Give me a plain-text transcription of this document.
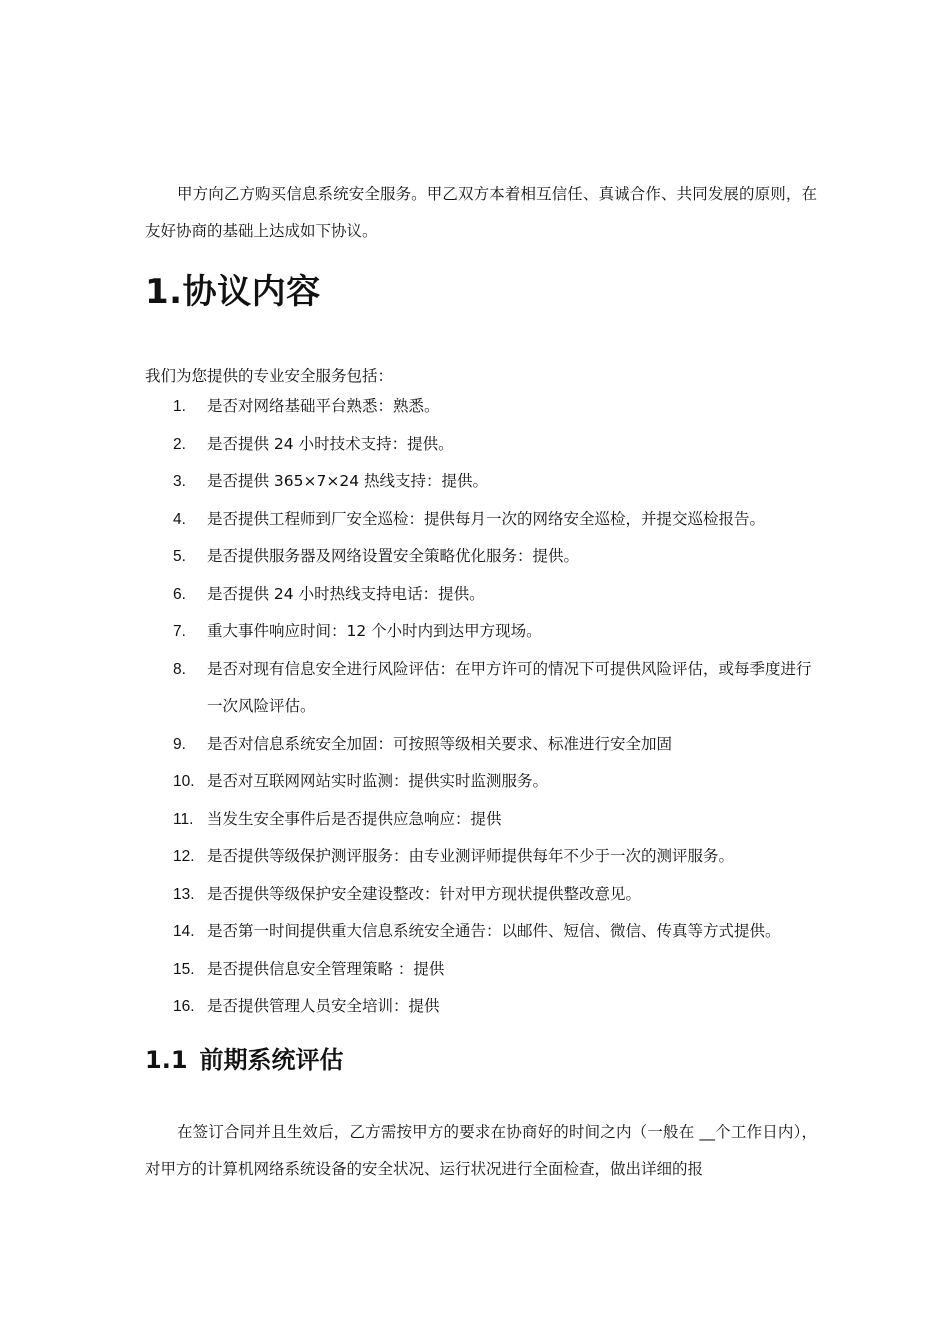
甲方向乙方购买信息系统安全服务。甲乙双方本着相互信任、真诚合作、共同发展的原则，在友好协商的基础上达成如下协议。

1.协议内容

我们为您提供的专业安全服务包括：

1.	是否对网络基础平台熟悉：熟悉。
2.	是否提供 24 小时技术支持：提供。
3.	是否提供 365×7×24 热线支持：提供。
4.	是否提供工程师到厂安全巡检：提供每月一次的网络安全巡检，并提交巡检报告。
5.	是否提供服务器及网络设置安全策略优化服务：提供。
6.	是否提供 24 小时热线支持电话：提供。
7.	重大事件响应时间：12 个小时内到达甲方现场。
8.	是否对现有信息安全进行风险评估：在甲方许可的情况下可提供风险评估，或每季度进行一次风险评估。
9.	是否对信息系统安全加固：可按照等级相关要求、标准进行安全加固
10. 是否对互联网网站实时监测：提供实时监测服务。
11. 当发生安全事件后是否提供应急响应：提供
12. 是否提供等级保护测评服务：由专业测评师提供每年不少于一次的测评服务。
13. 是否提供等级保护安全建设整改：针对甲方现状提供整改意见。
14. 是否第一时间提供重大信息系统安全通告：以邮件、短信、微信、传真等方式提供。
15. 是否提供信息安全管理策略 ：提供
16. 是否提供管理人员安全培训：提供
1.1 前期系统评估

在签订合同并且生效后，乙方需按甲方的要求在协商好的时间之内（一般在 __个工作日内），对甲方的计算机网络系统设备的安全状况、运行状况进行全面检查，做出详细的报
